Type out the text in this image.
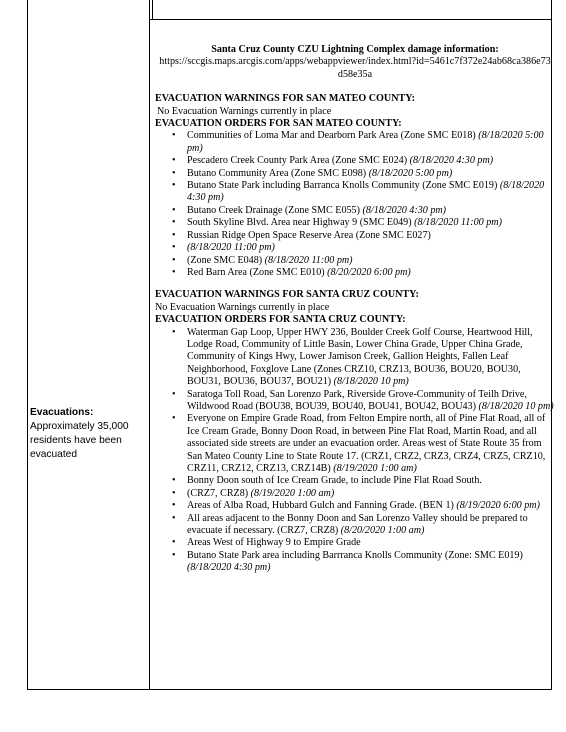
Evacuations:
Approximately 35,000 residents have been evacuated
Santa Cruz County CZU Lightning Complex damage information:
https://sccgis.maps.arcgis.com/apps/webappviewer/index.html?id=5461c7f372e24ab68ca386e73d58e35a
EVACUATION WARNINGS FOR SAN MATEO COUNTY:
No Evacuation Warnings currently in place
EVACUATION ORDERS FOR SAN MATEO COUNTY:
• Communities of Loma Mar and Dearborn Park Area (Zone SMC E018) (8/18/2020 5:00 pm)
• Pescadero Creek County Park Area (Zone SMC E024) (8/18/2020 4:30 pm)
• Butano Community Area (Zone SMC E098) (8/18/2020 5:00 pm)
• Butano State Park including Barranca Knolls Community (Zone SMC E019) (8/18/2020 4:30 pm)
• Butano Creek Drainage (Zone SMC E055) (8/18/2020 4:30 pm)
• South Skyline Blvd. Area near Highway 9 (SMC E049) (8/18/2020 11:00 pm)
• Russian Ridge Open Space Reserve Area (Zone SMC E027)
• (8/18/2020 11:00 pm)
• (Zone SMC E048) (8/18/2020 11:00 pm)
• Red Barn Area (Zone SMC E010) (8/20/2020 6:00 pm)
EVACUATION WARNINGS FOR SANTA CRUZ COUNTY:
No Evacuation Warnings currently in place
EVACUATION ORDERS FOR SANTA CRUZ COUNTY:
• Waterman Gap Loop, Upper HWY 236, Boulder Creek Golf Course, Heartwood Hill, Lodge Road, Community of Little Basin, Lower China Grade, Upper China Grade, Community of Kings Hwy, Lower Jamison Creek, Gallion Heights, Fallen Leaf Neighborhood, Foxglove Lane (Zones CRZ10, CRZ13, BOU36, BOU20, BOU30, BOU31, BOU36, BOU37, BOU21) (8/18/2020 10 pm)
• Saratoga Toll Road, San Lorenzo Park, Riverside Grove-Community of Teilh Drive, Wildwood Road (BOU38, BOU39, BOU40, BOU41, BOU42, BOU43) (8/18/2020 10 pm)
• Everyone on Empire Grade Road, from Felton Empire north, all of Pine Flat Road, all of Ice Cream Grade, Bonny Doon Road, in between Pine Flat Road, Martin Road, and all associated side streets are under an evacuation order. Areas west of State Route 35 from San Mateo County Line to State Route 17. (CRZ1, CRZ2, CRZ3, CRZ4, CRZ5, CRZ10, CRZ11, CRZ12, CRZ13, CRZ14B) (8/19/2020 1:00 am)
• Bonny Doon south of Ice Cream Grade, to include Pine Flat Road South.
• (CRZ7, CRZ8) (8/19/2020 1:00 am)
• Areas of Alba Road, Hubbard Gulch and Fanning Grade. (BEN 1) (8/19/2020 6:00 pm)
• All areas adjacent to the Bonny Doon and San Lorenzo Valley should be prepared to evacuate if necessary. (CRZ7, CRZ8) (8/20/2020 1:00 am)
• Areas West of Highway 9 to Empire Grade
• Butano State Park area including Barrranca Knolls Community (Zone: SMC E019) (8/18/2020 4:30 pm)
